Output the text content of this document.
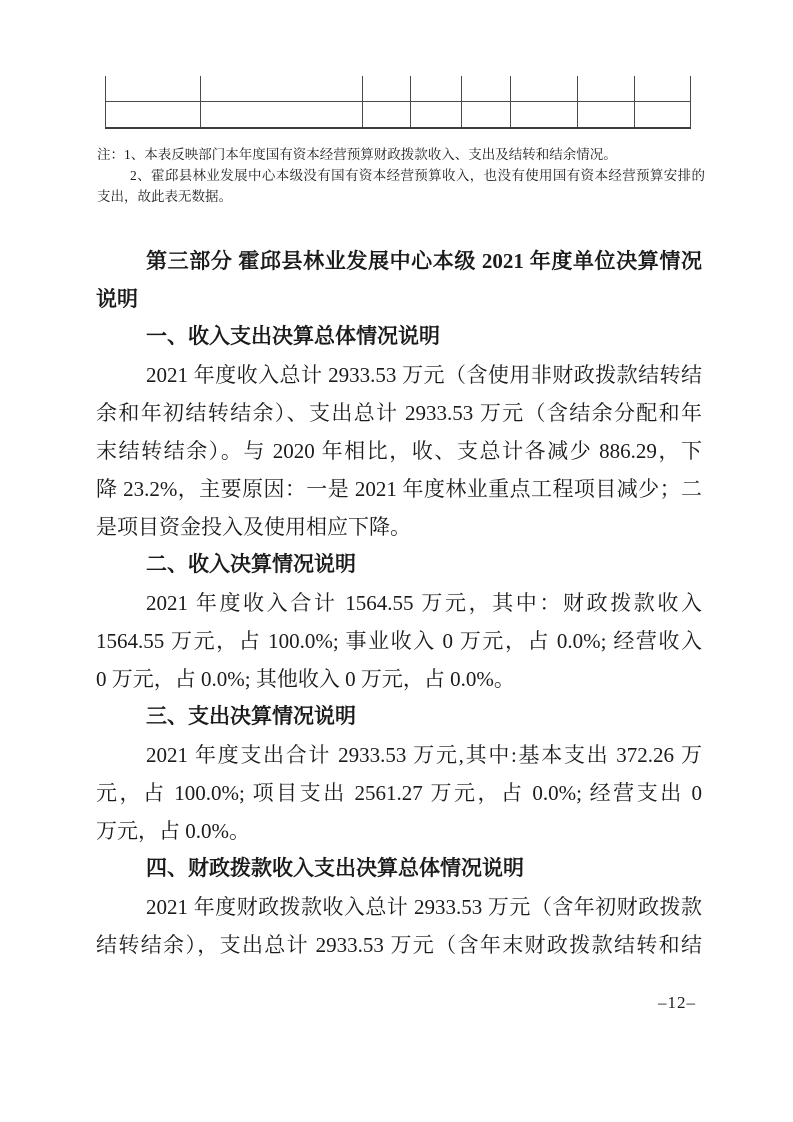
注：1、本表反映部门本年度国有资本经营预算财政拨款收入、支出及结转和结余情况。
2、霍邱县林业发展中心本级没有国有资本经营预算收入，也没有使用国有资本经营预算安排的
支出，故此表无数据。
第三部分 霍邱县林业发展中心本级 2021 年度单位决算情况
说明
一、收入支出决算总体情况说明
2021 年度收入总计 2933.53 万元（含使用非财政拨款结转结
余和年初结转结余）、支出总计 2933.53 万元（含结余分配和年
末结转结余）。与 2020 年相比，收、支总计各减少 886.29，下
降 23.2%，主要原因：一是 2021 年度林业重点工程项目减少；二
是项目资金投入及使用相应下降。
二、收入决算情况说明
2021 年度收入合计 1564.55 万元，其中：财政拨款收入
1564.55 万元，占 100.0%; 事业收入 0 万元，占 0.0%; 经营收入
0 万元，占 0.0%; 其他收入 0 万元，占 0.0%。
三、支出决算情况说明
2021 年度支出合计 2933.53 万元,其中:基本支出 372.26 万
元，占 100.0%; 项目支出 2561.27 万元，占 0.0%; 经营支出 0
万元，占 0.0%。
四、财政拨款收入支出决算总体情况说明
2021 年度财政拨款收入总计 2933.53 万元（含年初财政拨款
结转结余），支出总计 2933.53 万元（含年末财政拨款结转和结
–12–
